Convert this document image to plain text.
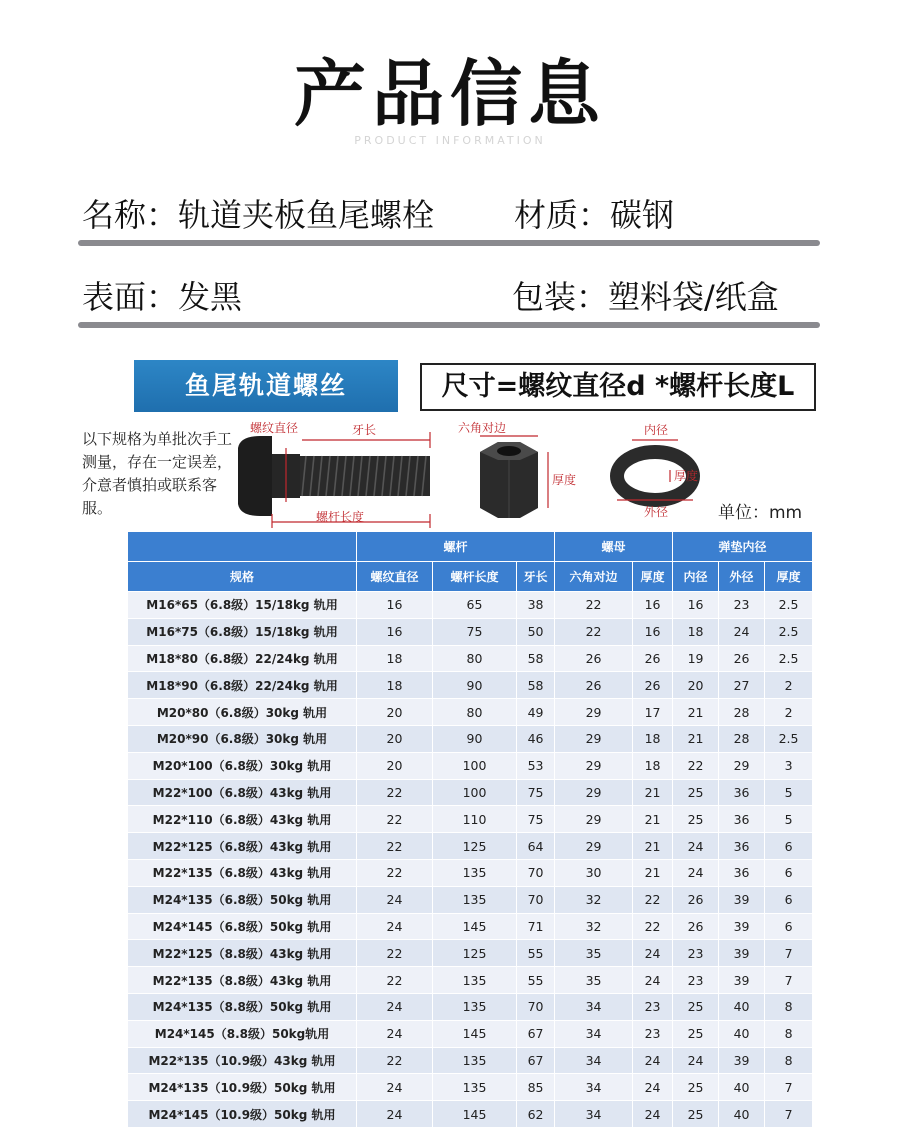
产品信息
PRODUCT INFORMATION
名称：轨道夹板鱼尾螺栓 材质：碳钢
表面：发黑	包装：塑料袋/纸盒
鱼尾轨道螺丝	尺寸=螺纹直径d *螺杆长度L
以下规格为单批次手工测量，存在一定误差，介意者慎拍或联系客服。	单位：mm
螺纹直径	牙长
螺杆长度
六角对边
厚度
内径
厚度
外径
	螺杆			螺母		弹垫内径		
规格	螺纹直径	螺杆长度	牙长	六角对边	厚度	内径	外径	厚度
M16*65（6.8级）15/18kg 轨用	16	65	38	22	16	16	23	2.5
M16*75（6.8级）15/18kg 轨用	16	75	50	22	16	18	24	2.5
M18*80（6.8级）22/24kg 轨用	18	80	58	26	26	19	26	2.5
M18*90（6.8级）22/24kg 轨用	18	90	58	26	26	20	27	2
M20*80（6.8级）30kg 轨用	20	80	49	29	17	21	28	2
M20*90（6.8级）30kg 轨用	20	90	46	29	18	21	28	2.5
M20*100（6.8级）30kg 轨用	20	100	53	29	18	22	29	3
M22*100（6.8级）43kg 轨用	22	100	75	29	21	25	36	5
M22*110（6.8级）43kg 轨用	22	110	75	29	21	25	36	5
M22*125（6.8级）43kg 轨用	22	125	64	29	21	24	36	6
M22*135（6.8级）43kg 轨用	22	135	70	30	21	24	36	6
M24*135（6.8级）50kg 轨用	24	135	70	32	22	26	39	6
M24*145（6.8级）50kg 轨用	24	145	71	32	22	26	39	6
M22*125（8.8级）43kg 轨用	22	125	55	35	24	23	39	7
M22*135（8.8级）43kg 轨用	22	135	55	35	24	23	39	7
M24*135（8.8级）50kg 轨用	24	135	70	34	23	25	40	8
M24*145（8.8级）50kg轨用	24	145	67	34	23	25	40	8
M22*135（10.9级）43kg 轨用	22	135	67	34	24	24	39	8
M24*135（10.9级）50kg 轨用	24	135	85	34	24	25	40	7
M24*145（10.9级）50kg 轨用	24	145	62	34	24	25	40	7
